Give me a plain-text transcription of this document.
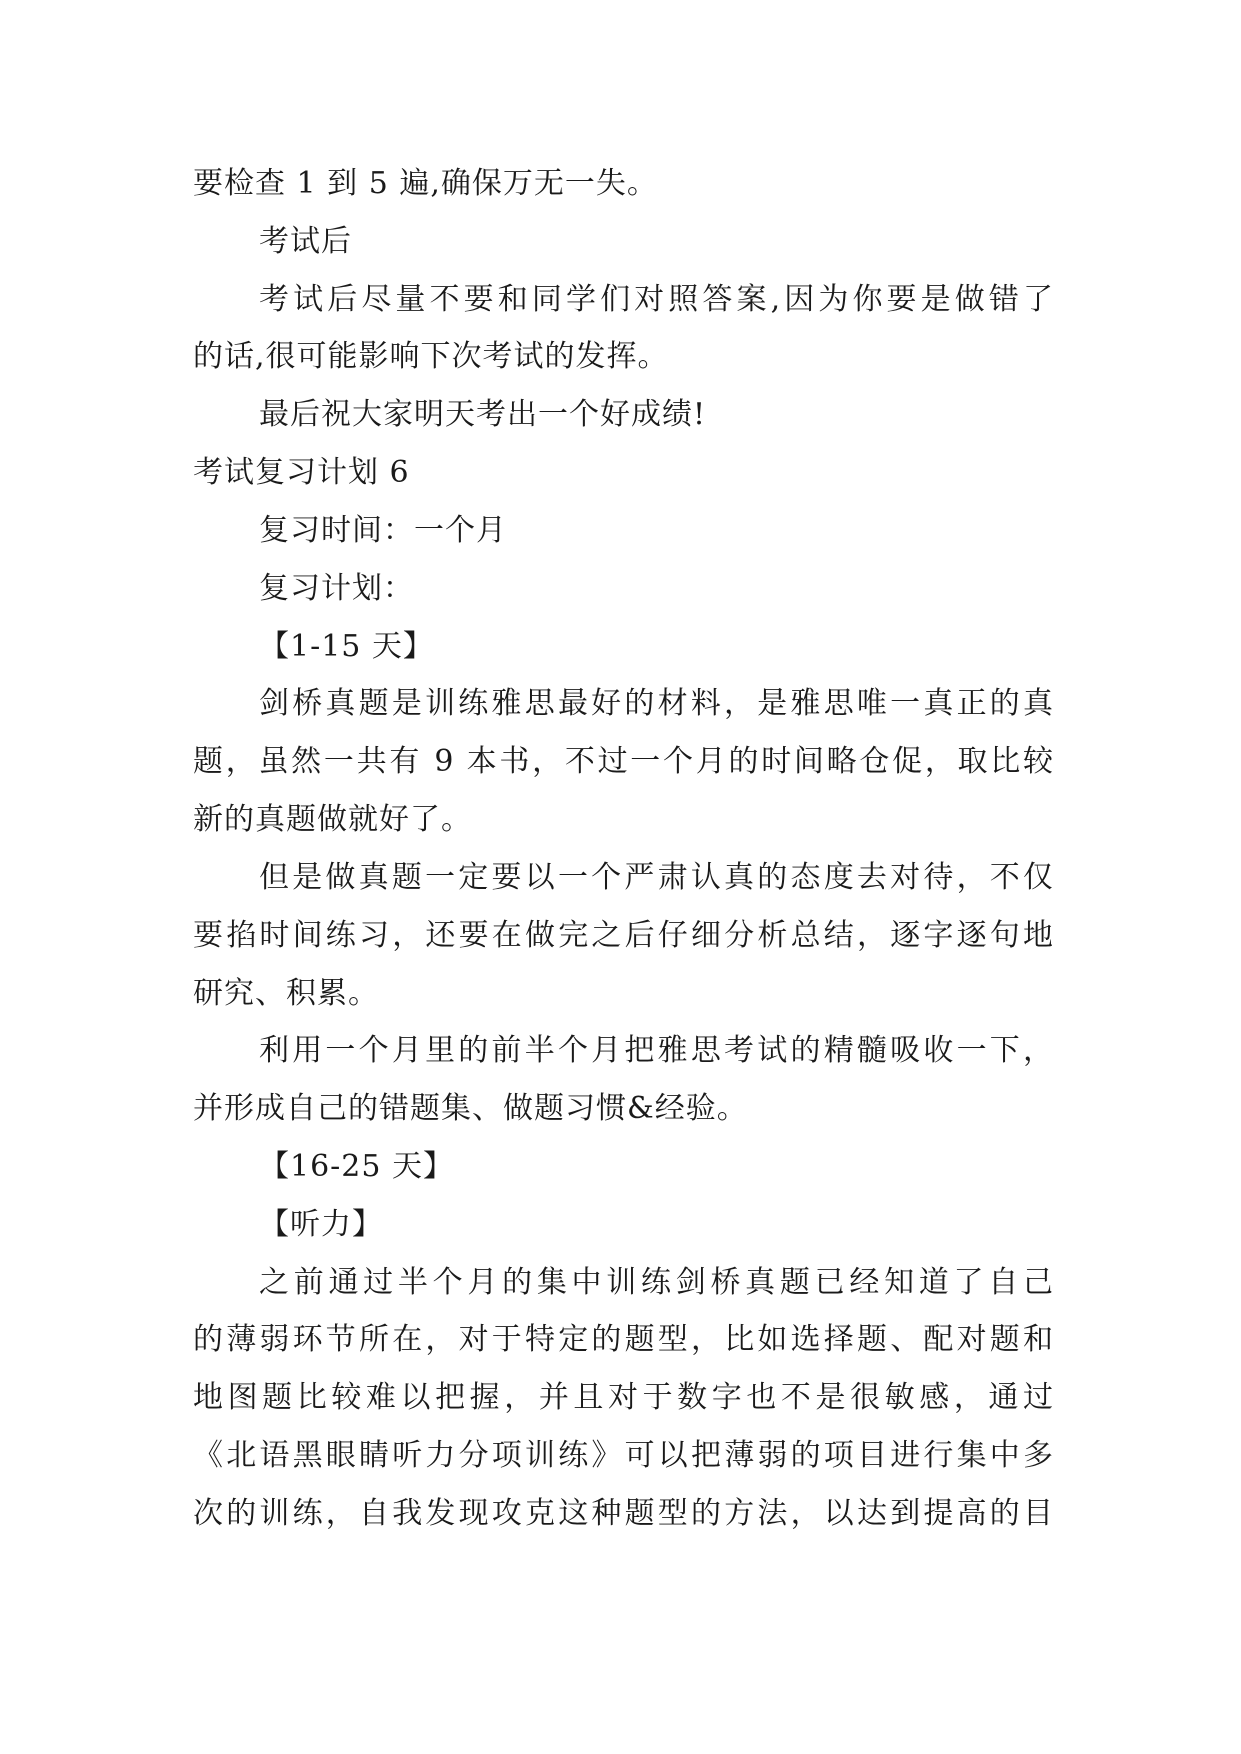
要检查 1 到 5 遍,确保万无一失。
考试后
考试后尽量不要和同学们对照答案,因为你要是做错了
的话,很可能影响下次考试的发挥。
最后祝大家明天考出一个好成绩!
考试复习计划 6
复习时间：一个月
复习计划：
【1-15 天】
剑桥真题是训练雅思最好的材料，是雅思唯一真正的真
题，虽然一共有 9 本书，不过一个月的时间略仓促，取比较
新的真题做就好了。
但是做真题一定要以一个严肃认真的态度去对待，不仅
要掐时间练习，还要在做完之后仔细分析总结，逐字逐句地
研究、积累。
利用一个月里的前半个月把雅思考试的精髓吸收一下，
并形成自己的错题集、做题习惯&经验。
【16-25 天】
【听力】
之前通过半个月的集中训练剑桥真题已经知道了自己
的薄弱环节所在，对于特定的题型，比如选择题、配对题和
地图题比较难以把握，并且对于数字也不是很敏感，通过
《北语黑眼睛听力分项训练》可以把薄弱的项目进行集中多
次的训练，自我发现攻克这种题型的方法，以达到提高的目
